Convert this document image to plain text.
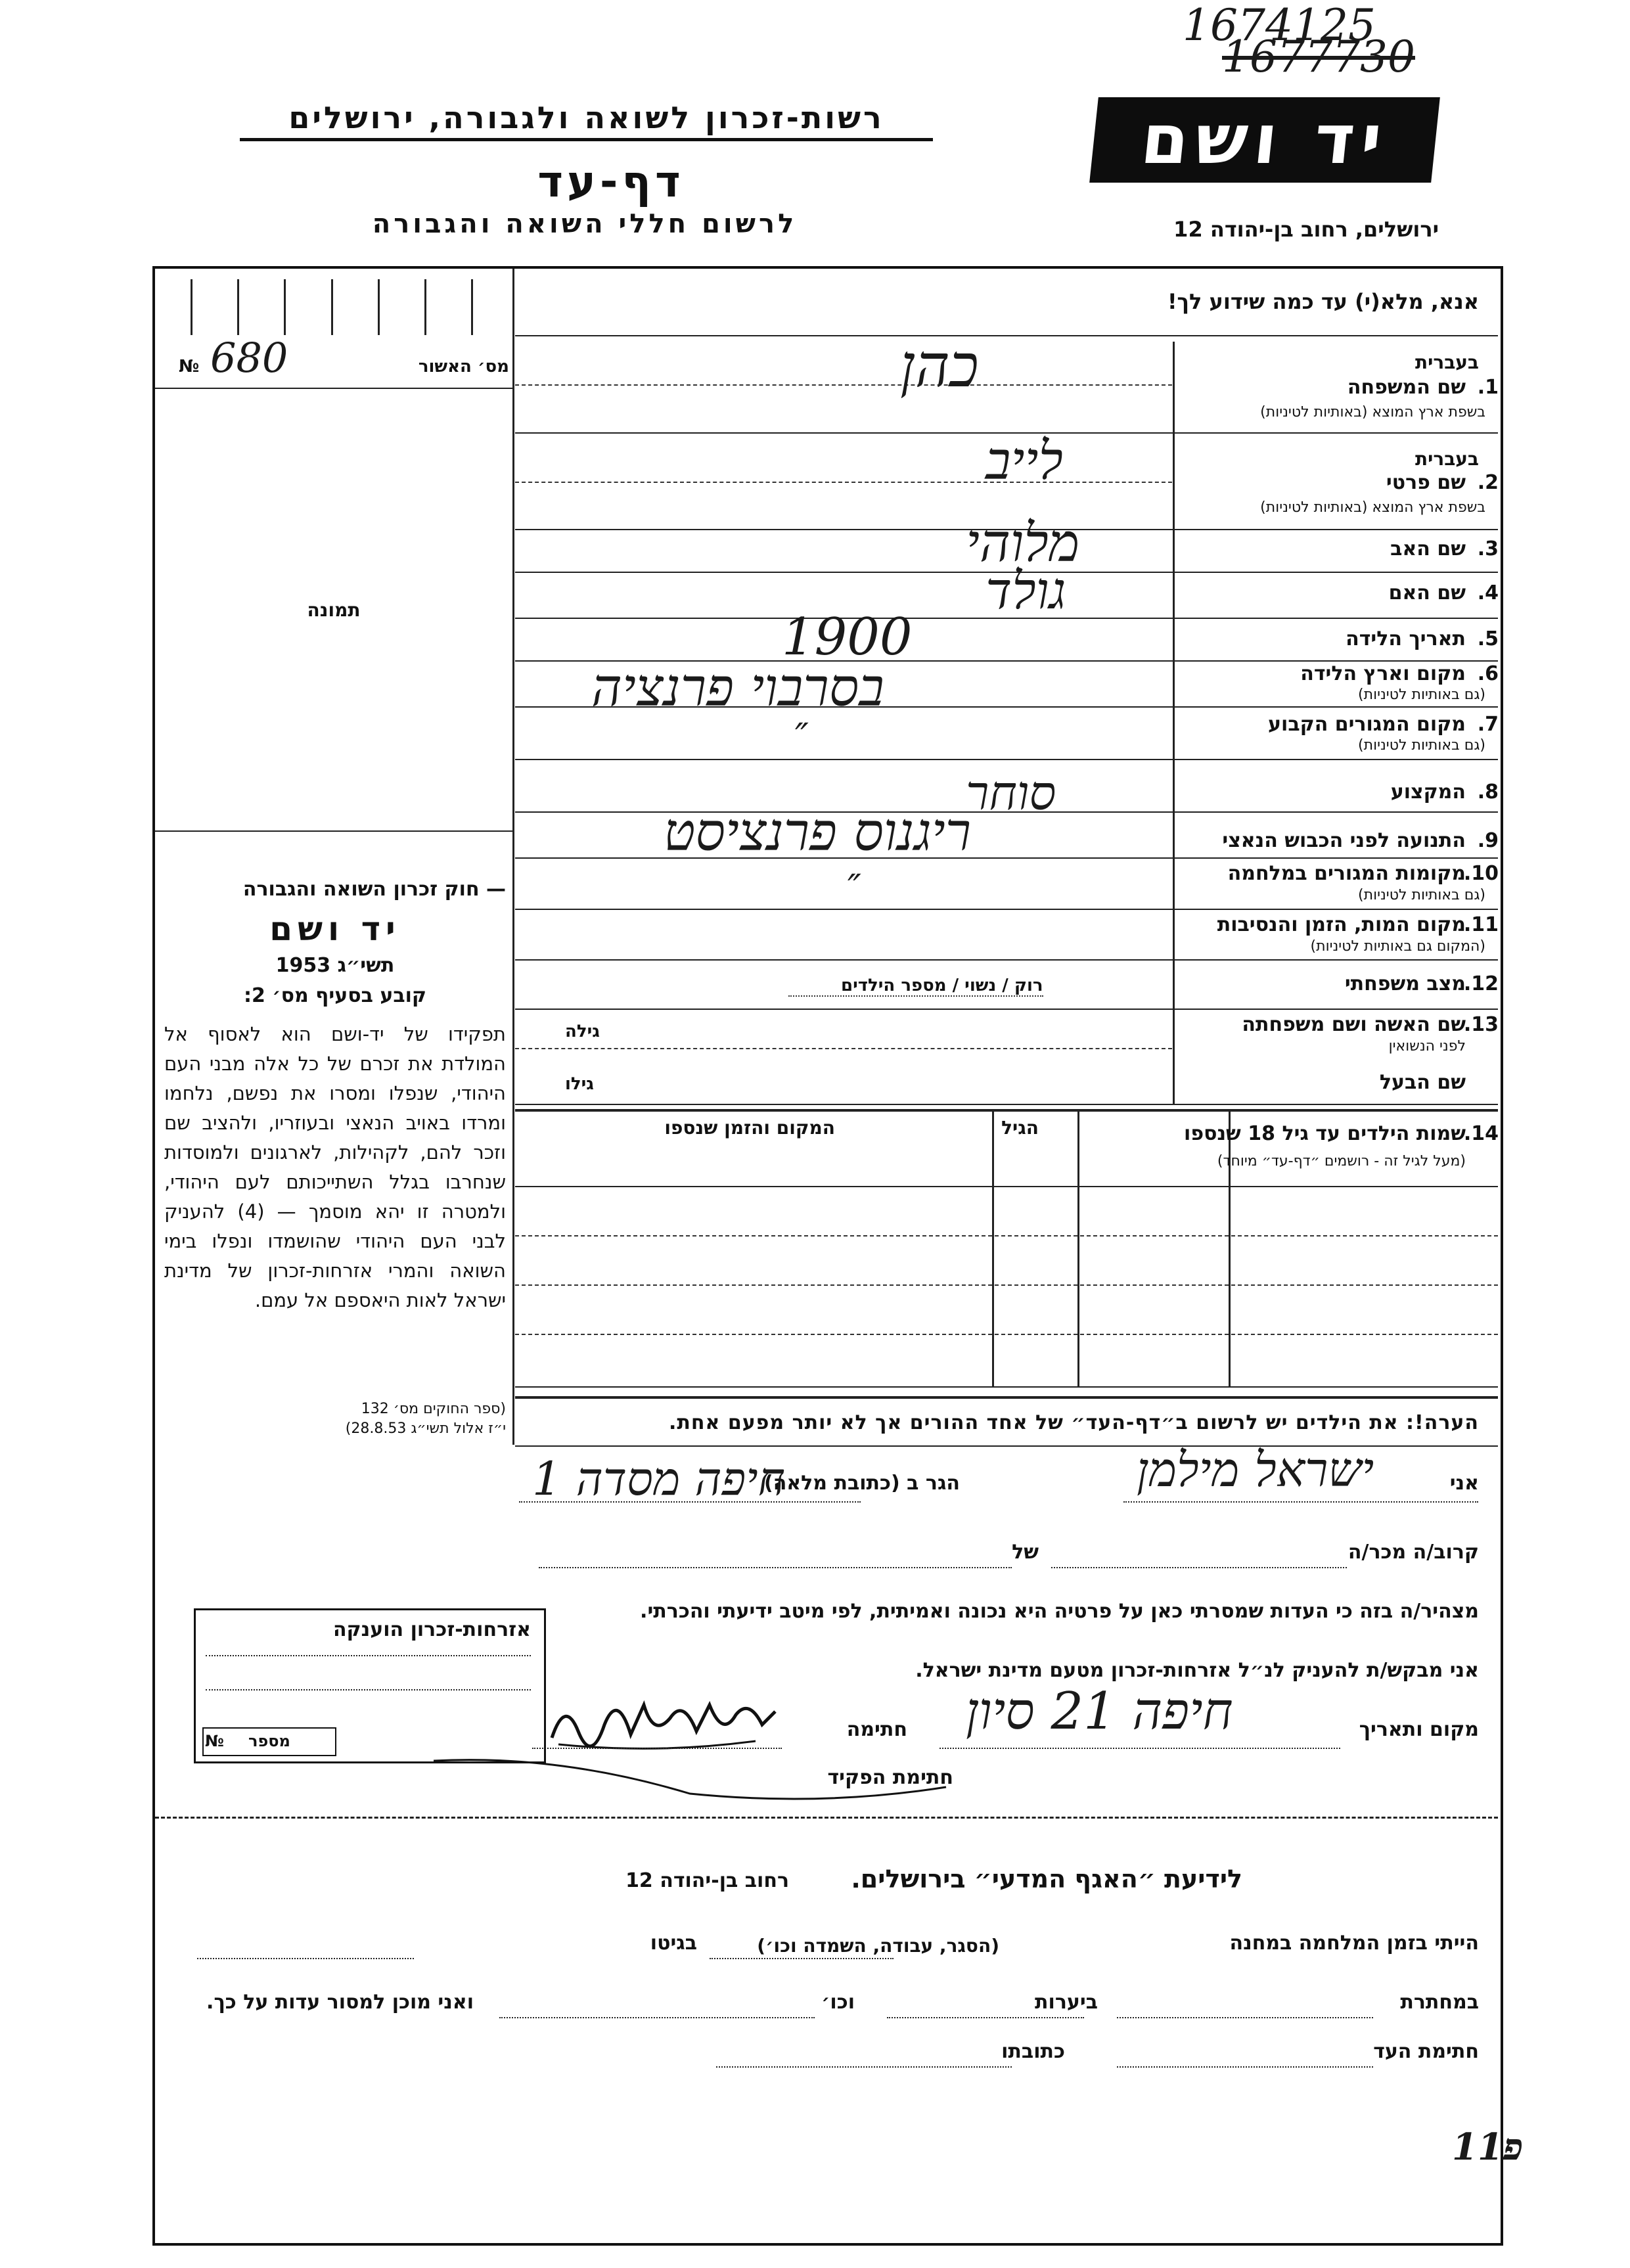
1674125
1677730
רשות-זכרון לשואה ולגבורה, ירושלים
דף-עד
לרשום חללי השואה והגבורה
יד ושם
ירושלים, רחוב בן-יהודה 12
אנא, מלא(י) עד כמה שידוע לך!
מס׳ האשור
№ 680
תמונה
— חוק זכרון השואה והגבורה
יד ושם
תשי״ג 1953
קובע בסעיף מס׳ 2:
תפקידו של יד-ושם הוא לאסוף אל המולדת את זכרם של כל אלה מבני העם היהודי, שנפלו ומסרו את נפשם, נלחמו ומרדו באויב הנאצי ובעוזריו, ולהציב שם וזכר להם, לקהילות, לארגונים ולמוסדות שנחרבו בגלל השתייכותם לעם היהודי, ולמטרה זו יהא מוסמך — (4) להעניק לבני העם היהודי שהושמדו ונפלו בימי השואה והמרי אזרחות-זכרון של מדינת ישראל לאות היאספם אל עמם.
(ספר החוקים מס׳ 132
י״ז אלול תשי״ג 28.8.53)
בעברית
1.
שם המשפחה
בשפת ארץ המוצא (באותיות לטיניות)
כהן
בעברית
2.
שם פרטי
בשפת ארץ המוצא (באותיות לטיניות)
לייב
3.
שם האב
מלוהי
4.
שם האם
גולד
5.
תאריך הלידה
1900
6.
מקום וארץ הלידה
(גם באותיות לטיניות)
בסרבוי פרנציה
7.
מקום המגורים הקבוע
(גם באותיות לטיניות)
″
8.
המקצוע
סוחר
9.
התנועה לפני הכבוש הנאצי
ריגנוס פרנציסט
10.
מקומות המגורים במלחמה
(גם באותיות לטיניות)
″
11.
מקום המות, הזמן והנסיבות
(המקום גם באותיות לטיניות)
12.
מצב משפחתי
רוק / נשוי / מספר הילדים
13.
שם האשה ושם משפחתה
לפני הנשואין
גילה
שם הבעל
גילו
14.
שמות הילדים עד גיל 18 שנספו
(מעל לגיל זה - רושמים ״דף-עד״ מיוחד)
הגיל
המקום והזמן שנספו
הערה!: את הילדים יש לרשום ב״דף-העד״ של אחד ההורים אך לא יותר מפעם אחת.
אני
ישראל מילמן
הגר ב (כתובת מלאה)
חיפה מסדה 1
קרוב/ה מכר/ה
של
מצהיר/ה בזה כי העדות שמסרתי כאן על פרטיה היא נכונה ואמיתית, לפי מיטב ידיעתי והכרתי.
אני מבקש/ת להעניק לנ״ל אזרחות-זכרון מטעם מדינת ישראל.
מקום ותאריך
חיפה 21 סיון
חתימה
חתימת הפקיד
אזרחות-זכרון הוענקה
מספר
№
לידיעת ״האגף המדעי״ בירושלים.
רחוב בן-יהודה 12
הייתי בזמן המלחמה במחנה
(הסגר, עבודה, השמדה וכו׳)
בגיטו
במחתרת
ביערות
וכו׳
ואני מוכן למסור עדות על כך.
חתימת העד
כתובתו
פ11
